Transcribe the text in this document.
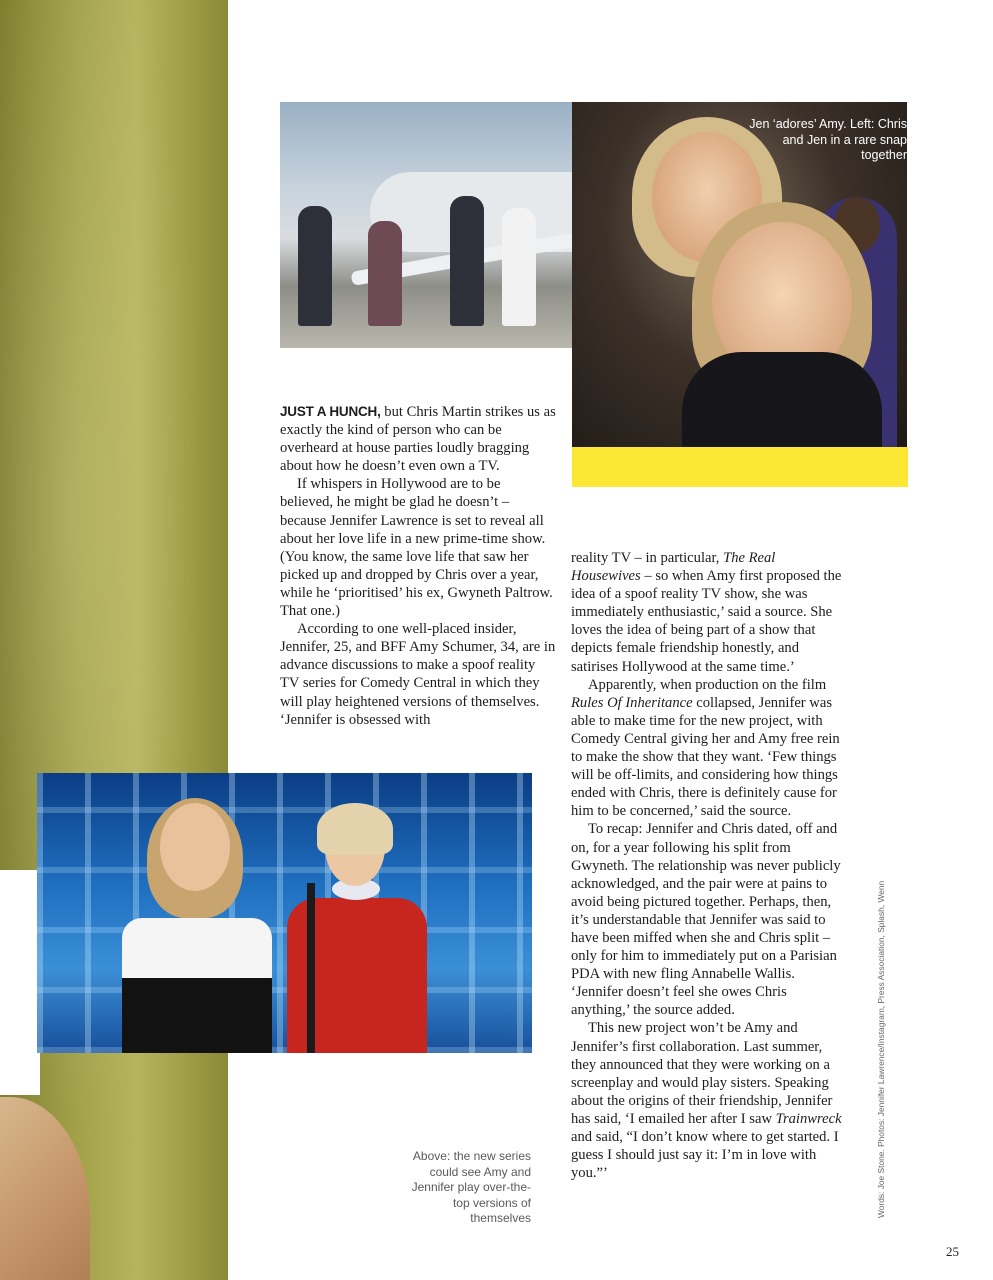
Jen ‘adores’ Amy. Left: Chris and Jen in a rare snap together

JUST A HUNCH, but Chris Martin strikes us as exactly the kind of person who can be overheard at house parties loudly bragging about how he doesn’t even own a TV.

If whispers in Hollywood are to be believed, he might be glad he doesn’t – because Jennifer Lawrence is set to reveal all about her love life in a new prime-time show. (You know, the same love life that saw her picked up and dropped by Chris over a year, while he ‘prioritised’ his ex, Gwyneth Paltrow. That one.)

According to one well-placed insider, Jennifer, 25, and BFF Amy Schumer, 34, are in advance discussions to make a spoof reality TV series for Comedy Central in which they will play heightened versions of themselves. ‘Jennifer is obsessed with

reality TV – in particular, The Real Housewives – so when Amy first proposed the idea of a spoof reality TV show, she was immediately enthusiastic,’ said a source. She loves the idea of being part of a show that depicts female friendship honestly, and satirises Hollywood at the same time.’

Apparently, when production on the film Rules Of Inheritance collapsed, Jennifer was able to make time for the new project, with Comedy Central giving her and Amy free rein to make the show that they want. ‘Few things will be off-limits, and considering how things ended with Chris, there is definitely cause for him to be concerned,’ said the source.

To recap: Jennifer and Chris dated, off and on, for a year following his split from Gwyneth. The relationship was never publicly acknowledged, and the pair were at pains to avoid being pictured together. Perhaps, then, it’s understandable that Jennifer was said to have been miffed when she and Chris split – only for him to immediately put on a Parisian PDA with new fling Annabelle Wallis. ‘Jennifer doesn’t feel she owes Chris anything,’ the source added.

This new project won’t be Amy and Jennifer’s first collaboration. Last summer, they announced that they were working on a screenplay and would play sisters. Speaking about the origins of their friendship, Jennifer has said, ‘I emailed her after I saw Trainwreck and said, “I don’t know where to get started. I guess I should just say it: I’m in love with you.”’

Above: the new series could see Amy and Jennifer play over-the-top versions of themselves	Words: Joe Stone. Photos: Jennifer Lawrence/Instagram, Press Association, Splash, Wenn
25
